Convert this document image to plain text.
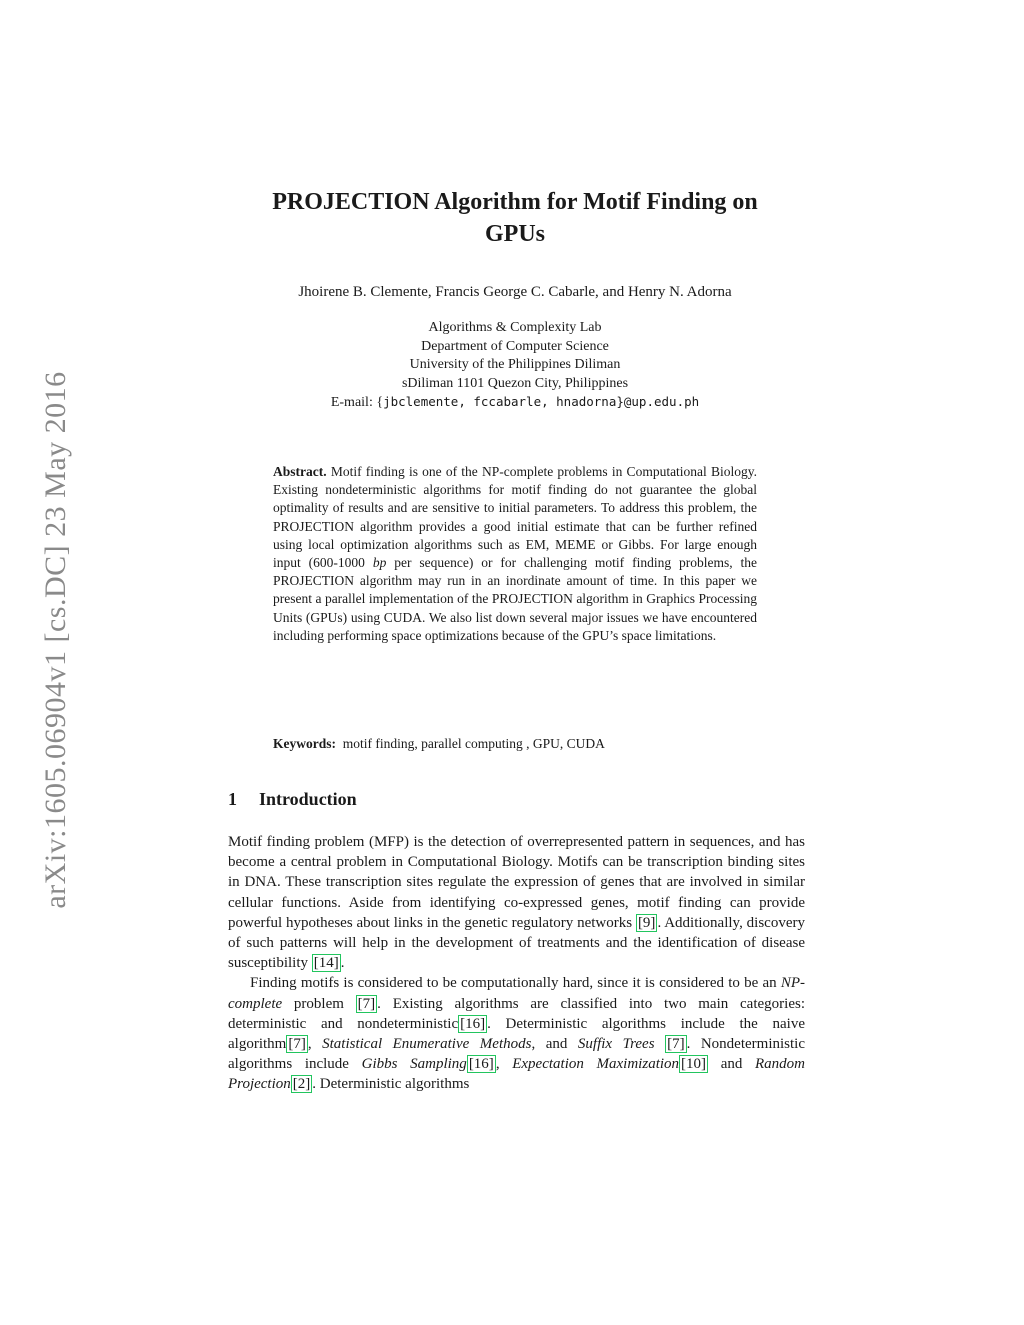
arXiv:1605.06904v1 [cs.DC] 23 May 2016
PROJECTION Algorithm for Motif Finding on
GPUs
Jhoirene B. Clemente, Francis George C. Cabarle, and Henry N. Adorna
Algorithms & Complexity Lab
Department of Computer Science
University of the Philippines Diliman
sDiliman 1101 Quezon City, Philippines
E-mail: {jbclemente, fccabarle, hnadorna}@up.edu.ph
Abstract. Motif finding is one of the NP-complete problems in Computational Biology. Existing nondeterministic algorithms for motif finding do not guarantee the global optimality of results and are sensitive to initial parameters. To address this problem, the PROJECTION algorithm provides a good initial estimate that can be further refined using local optimization algorithms such as EM, MEME or Gibbs. For large enough input (600-1000 bp per sequence) or for challenging motif finding problems, the PROJECTION algorithm may run in an inordinate amount of time. In this paper we present a parallel implementation of the PROJECTION algorithm in Graphics Processing Units (GPUs) using CUDA. We also list down several major issues we have encountered including performing space optimizations because of the GPU’s space limitations.
Keywords: motif finding, parallel computing , GPU, CUDA
1 Introduction

Motif finding problem (MFP) is the detection of overrepresented pattern in sequences, and has become a central problem in Computational Biology. Motifs can be transcription binding sites in DNA. These transcription sites regulate the expression of genes that are involved in similar cellular functions. Aside from identifying co-expressed genes, motif finding can provide powerful hypotheses about links in the genetic regulatory networks [9] . Additionally, discovery of such patterns will help in the development of treatments and the identification of disease susceptibility [14] .

Finding motifs is considered to be computationally hard, since it is considered to be an NP-complete problem [7] . Existing algorithms are classified into two main categories: deterministic and nondeterministic [16] . Deterministic algorithms include the naive algorithm [7] , Statistical Enumerative Methods, and Suffix Trees [7] . Nondeterministic algorithms include Gibbs Sampling [16] , Expectation Maximization [10] and Random Projection [2] . Deterministic algorithms
